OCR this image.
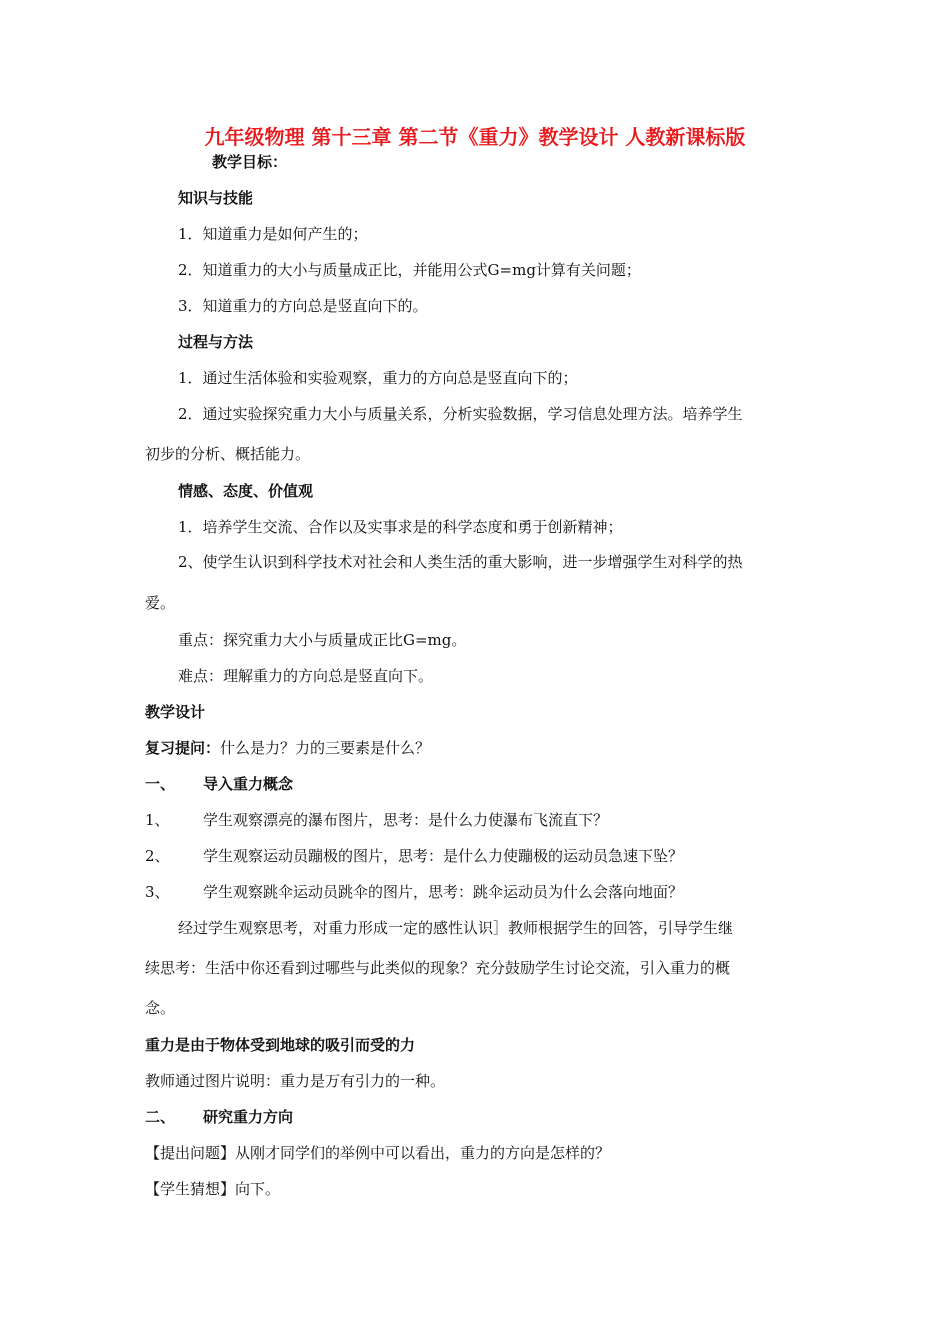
九年级物理 第十三章 第二节《重力》教学设计 人教新课标版
教学目标：
知识与技能
1．知道重力是如何产生的；
2．知道重力的大小与质量成正比，并能用公式G=mg计算有关问题；
3．知道重力的方向总是竖直向下的。
过程与方法
1．通过生活体验和实验观察，重力的方向总是竖直向下的；
2．通过实验探究重力大小与质量关系，分析实验数据，学习信息处理方法。培养学生
初步的分析、概括能力。
情感、态度、价值观
1．培养学生交流、合作以及实事求是的科学态度和勇于创新精神；
2、使学生认识到科学技术对社会和人类生活的重大影响，进一步增强学生对科学的热
爱。
重点：探究重力大小与质量成正比G=mg。
难点：理解重力的方向总是竖直向下。
教学设计
复习提问：什么是力？力的三要素是什么？
一、 导入重力概念
1、 学生观察漂亮的瀑布图片，思考：是什么力使瀑布飞流直下？
2、 学生观察运动员蹦极的图片，思考：是什么力使蹦极的运动员急速下坠？
3、 学生观察跳伞运动员跳伞的图片，思考：跳伞运动员为什么会落向地面？
经过学生观察思考，对重力形成一定的感性认识］教师根据学生的回答，引导学生继
续思考：生活中你还看到过哪些与此类似的现象？充分鼓励学生讨论交流，引入重力的概
念。
重力是由于物体受到地球的吸引而受的力
教师通过图片说明：重力是万有引力的一种。
二、 研究重力方向
【提出问题】从刚才同学们的举例中可以看出，重力的方向是怎样的？
【学生猜想】向下。
